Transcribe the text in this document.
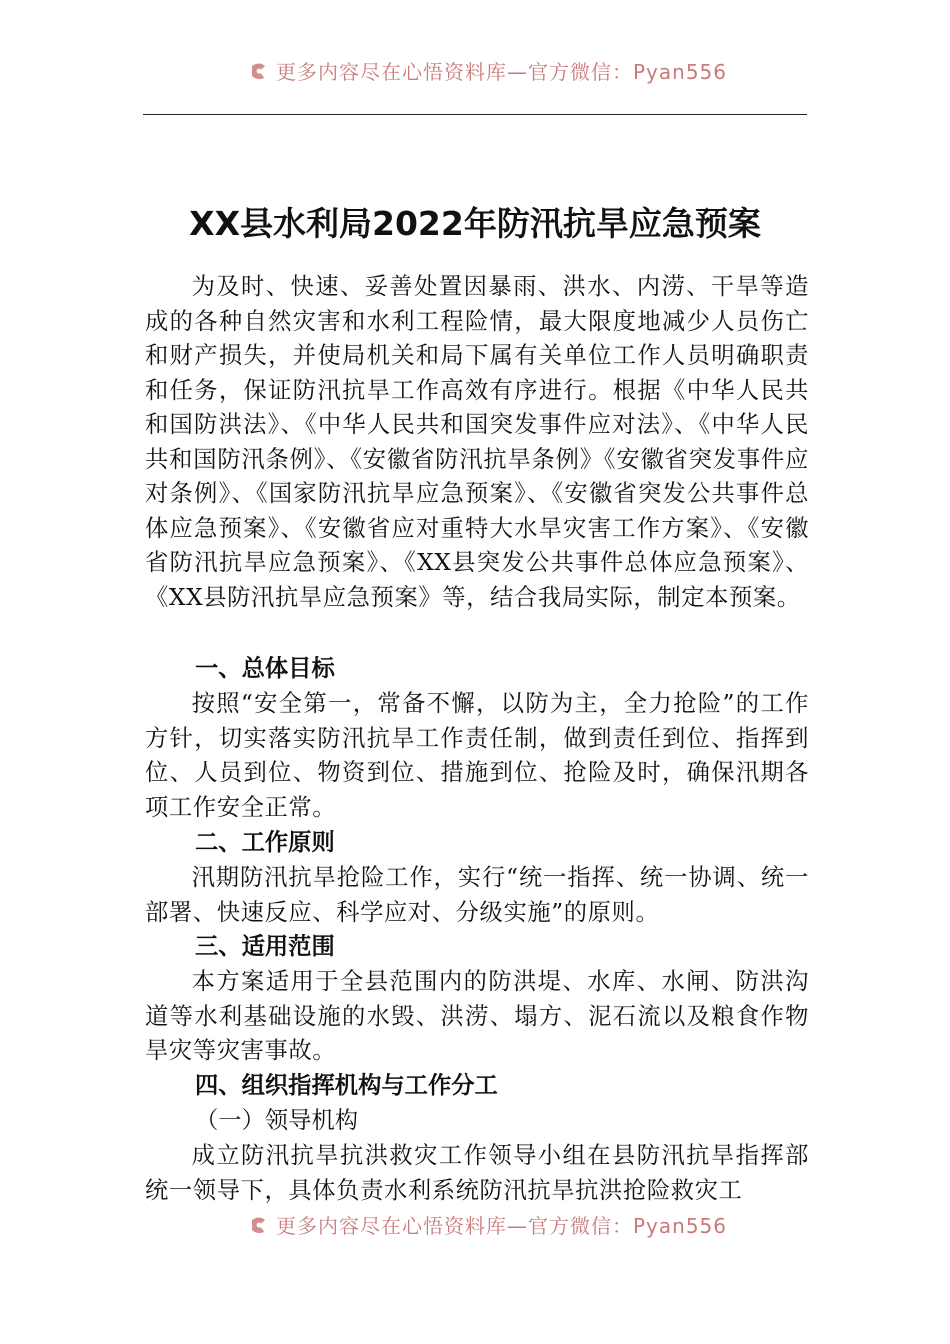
更多内容尽在心悟资料库—官方微信：Pyan556
XX县水利局2022年防汛抗旱应急预案

为及时、快速、妥善处置因暴雨、洪水、内涝、干旱等造成的各种自然灾害和水利工程险情，最大限度地减少人员伤亡和财产损失，并使局机关和局下属有关单位工作人员明确职责和任务，保证防汛抗旱工作高效有序进行。根据《中华人民共和国防洪法》、《中华人民共和国突发事件应对法》、《中华人民共和国防汛条例》、《安徽省防汛抗旱条例》《安徽省突发事件应对条例》、《国家防汛抗旱应急预案》、《安徽省突发公共事件总体应急预案》、《安徽省应对重特大水旱灾害工作方案》、《安徽省防汛抗旱应急预案》、《XX县突发公共事件总体应急预案》、《XX县防汛抗旱应急预案》等，结合我局实际，制定本预案。

一、总体目标

按照“安全第一，常备不懈，以防为主，全力抢险”的工作方针，切实落实防汛抗旱工作责任制，做到责任到位、指挥到位、人员到位、物资到位、措施到位、抢险及时，确保汛期各项工作安全正常。

二、工作原则

汛期防汛抗旱抢险工作，实行“统一指挥、统一协调、统一部署、快速反应、科学应对、分级实施”的原则。

三、适用范围

本方案适用于全县范围内的防洪堤、水库、水闸、防洪沟道等水利基础设施的水毁、洪涝、塌方、泥石流以及粮食作物旱灾等灾害事故。

四、组织指挥机构与工作分工

（一）领导机构

成立防汛抗旱抗洪救灾工作领导小组在县防汛抗旱指挥部统一领导下，具体负责水利系统防汛抗旱抗洪抢险救灾工

更多内容尽在心悟资料库—官方微信：Pyan556
